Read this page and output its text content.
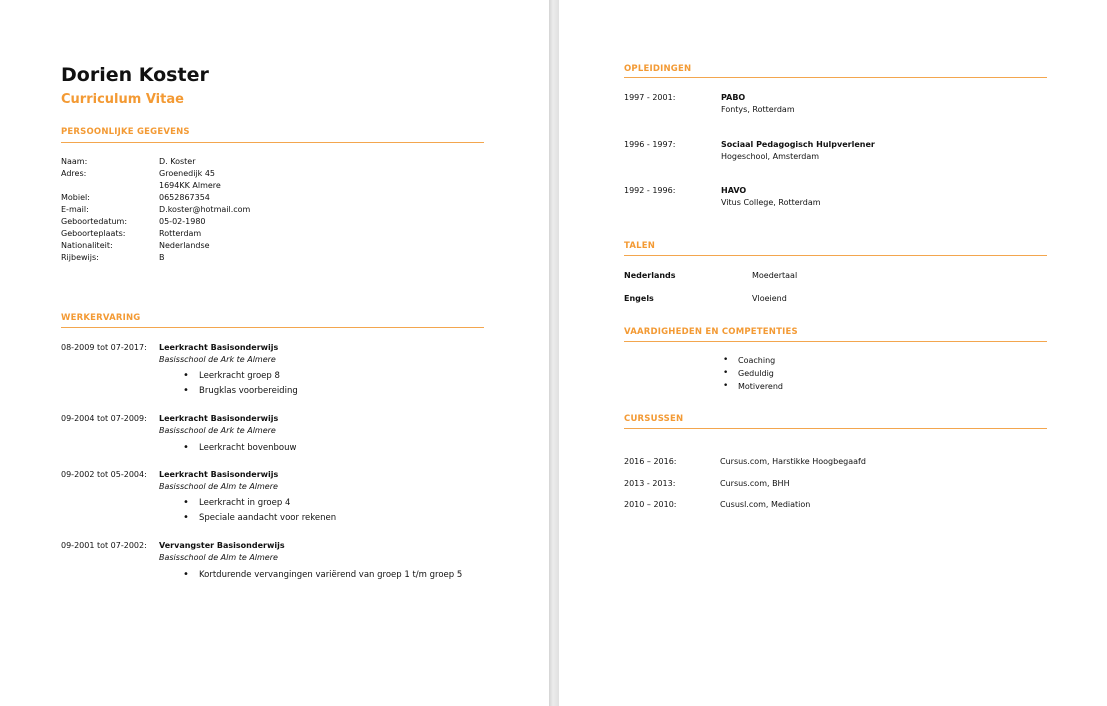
Dorien Koster
Curriculum Vitae
PERSOONLIJKE GEGEVENS
Naam:	D. Koster
Adres:	Groenedijk 45
1694KK Almere
Mobiel:	0652867354
E-mail:	D.koster@hotmail.com
Geboortedatum:	05-02-1980
Geboorteplaats:	Rotterdam
Nationaliteit:	Nederlandse
Rijbewijs:	B
WERKERVARING
08-2009 tot 07-2017: Leerkracht Basisonderwijs
Basisschool de Ark te Almere
• Leerkracht groep 8
• Brugklas voorbereiding
09-2004 tot 07-2009: Leerkracht Basisonderwijs
Basisschool de Ark te Almere
• Leerkracht bovenbouw
09-2002 tot 05-2004: Leerkracht Basisonderwijs
Basisschool de Alm te Almere
• Leerkracht in groep 4
• Speciale aandacht voor rekenen
09-2001 tot 07-2002: Vervangster Basisonderwijs
Basisschool de Alm te Almere
• Kortdurende vervangingen variërend van groep 1 t/m groep 5
OPLEIDINGEN
1997 - 2001:	PABO
Fontys, Rotterdam
1996 - 1997:	Sociaal Pedagogisch Hulpverlener
Hogeschool, Amsterdam
1992 - 1996:	HAVO
Vitus College, Rotterdam
TALEN
Nederlands	Moedertaal
Engels	Vloeiend
VAARDIGHEDEN EN COMPETENTIES
• Coaching
• Geduldig
• Motiverend
CURSUSSEN
2016 – 2016:	Cursus.com, Harstikke Hoogbegaafd
2013 - 2013:	Cursus.com, BHH
2010 – 2010:	Cususl.com, Mediation
